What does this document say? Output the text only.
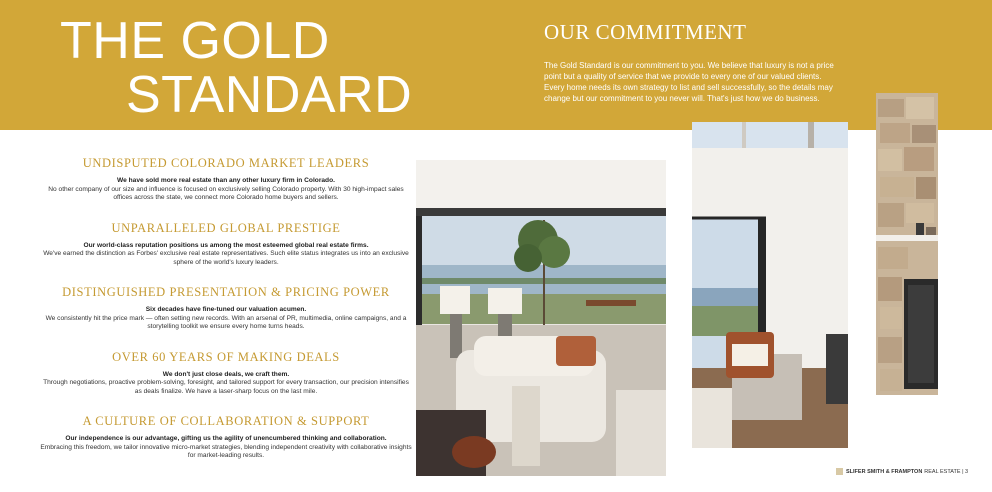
THE GOLD
STANDARD
OUR COMMITMENT
The Gold Standard is our commitment to you. We believe that luxury is not a price point but a quality of service that we provide to every one of our valued clients. Every home needs its own strategy to list and sell successfully, so the details may change but our commitment to you never will. That's just how we do business.
UNDISPUTED COLORADO MARKET LEADERS
We have sold more real estate than any other luxury firm in Colorado.
No other company of our size and influence is focused on exclusively selling Colorado property. With 30 high-impact sales offices across the state, we connect more Colorado home buyers and sellers.
UNPARALLELED GLOBAL PRESTIGE
Our world-class reputation positions us among the most esteemed global real estate firms.
We've earned the distinction as Forbes' exclusive real estate representatives. Such elite status integrates us into an exclusive sphere of the world's luxury leaders.
DISTINGUISHED PRESENTATION & PRICING POWER
Six decades have fine-tuned our valuation acumen.
We consistently hit the price mark — often setting new records. With an arsenal of PR, multimedia, online campaigns, and a storytelling toolkit we ensure every home turns heads.
OVER 60 YEARS OF MAKING DEALS
We don't just close deals, we craft them.
Through negotiations, proactive problem-solving, foresight, and tailored support for every transaction, our precision intensifies as deals finalize. We have a laser-sharp focus on the last mile.
A CULTURE OF COLLABORATION & SUPPORT
Our independence is our advantage, gifting us the agility of unencumbered thinking and collaboration.
Embracing this freedom, we tailor innovative micro-market strategies, blending independent creativity with collaborative insights for market-leading results.
SLIFER SMITH & FRAMPTON REAL ESTATE | 3
